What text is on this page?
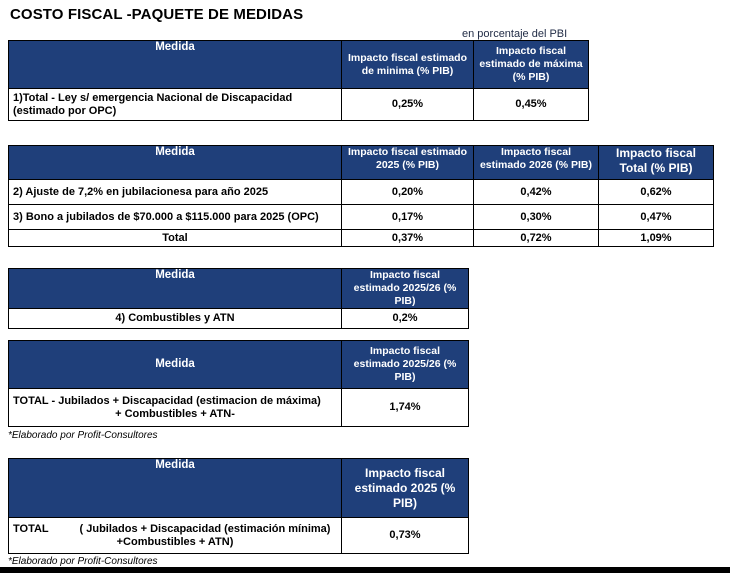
COSTO FISCAL -PAQUETE DE MEDIDAS
en porcentaje del PBI
Medida	Impacto fiscal estimado de minima (% PIB)	Impacto fiscal estimado de máxima (% PIB)
1)Total - Ley s/ emergencia Nacional de Discapacidad (estimado por OPC)	0,25%	0,45%
Medida	Impacto fiscal estimado 2025 (% PIB)	Impacto fiscal estimado 2026 (% PIB)	Impacto fiscal Total (% PIB)
2) Ajuste de 7,2% en jubilacionesa para año 2025	0,20%	0,42%	0,62%
3) Bono a jubilados de $70.000 a $115.000 para 2025 (OPC)	0,17%	0,30%	0,47%
Total	0,37%	0,72%	1,09%
Medida	Impacto fiscal estimado 2025/26 (% PIB)
4) Combustibles y ATN	0,2%
Medida	Impacto fiscal estimado 2025/26 (% PIB)

TOTAL - Jubilados + Discapacidad (estimacion de máxima)
+ Combustibles + ATN-	1,74%
*Elaborado por Profit-Consultores
Medida	Impacto fiscal estimado 2025 (% PIB)

TOTAL ( Jubilados + Discapacidad (estimación mínima)
+Combustibles + ATN)	0,73%
*Elaborado por Profit-Consultores
